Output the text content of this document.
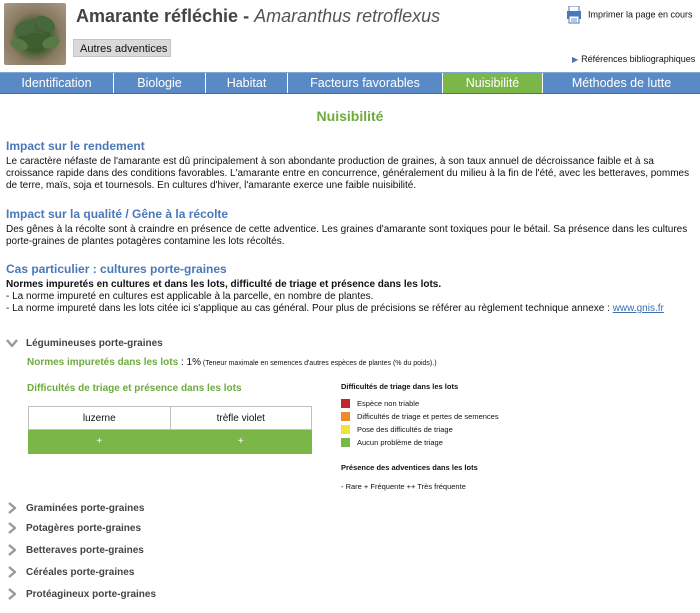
Amarante réfléchie - Amaranthus retroflexus
Autres adventices
Imprimer la page en cours
▶ Références bibliographiques
Identification	Biologie	Habitat	Facteurs favorables	Nuisibilité	Méthodes de lutte
Nuisibilité
Impact sur le rendement
Le caractère néfaste de l'amarante est dû principalement à son abondante production de graines, à son taux annuel de décroissance faible et à sa croissance rapide dans des conditions favorables. L'amarante entre en concurrence, généralement du milieu à la fin de l'été, avec les betteraves, pommes de terre, maïs, soja et tournesols. En cultures d'hiver, l'amarante exerce une faible nuisibilité.
Impact sur la qualité / Gêne à la récolte
Des gênes à la récolte sont à craindre en présence de cette adventice. Les graines d'amarante sont toxiques pour le bétail. Sa présence dans les cultures porte-graines de plantes potagères contamine les lots récoltés.
Cas particulier : cultures porte-graines
Normes impuretés en cultures et dans les lots, difficulté de triage et présence dans les lots.
- La norme impureté en cultures est applicable à la parcelle, en nombre de plantes.
- La norme impureté dans les lots citée ici s'applique au cas général. Pour plus de précisions se référer au règlement technique annexe : www.gnis.fr
Légumineuses porte-graines
Normes impuretés dans les lots : 1% (Teneur maximale en semences d'autres espèces de plantes (% du poids).)
Difficultés de triage et présence dans les lots
luzerne	trèfle violet
+	+
Difficultés de triage dans les lots
Espèce non triable
Difficultés de triage et pertes de semences
Pose des difficultés de triage
Aucun problème de triage
Présence des adventices dans les lots
- Rare + Fréquente ++ Très fréquente
Graminées porte-graines
Potagères porte-graines
Betteraves porte-graines
Céréales porte-graines
Protéagineux porte-graines
